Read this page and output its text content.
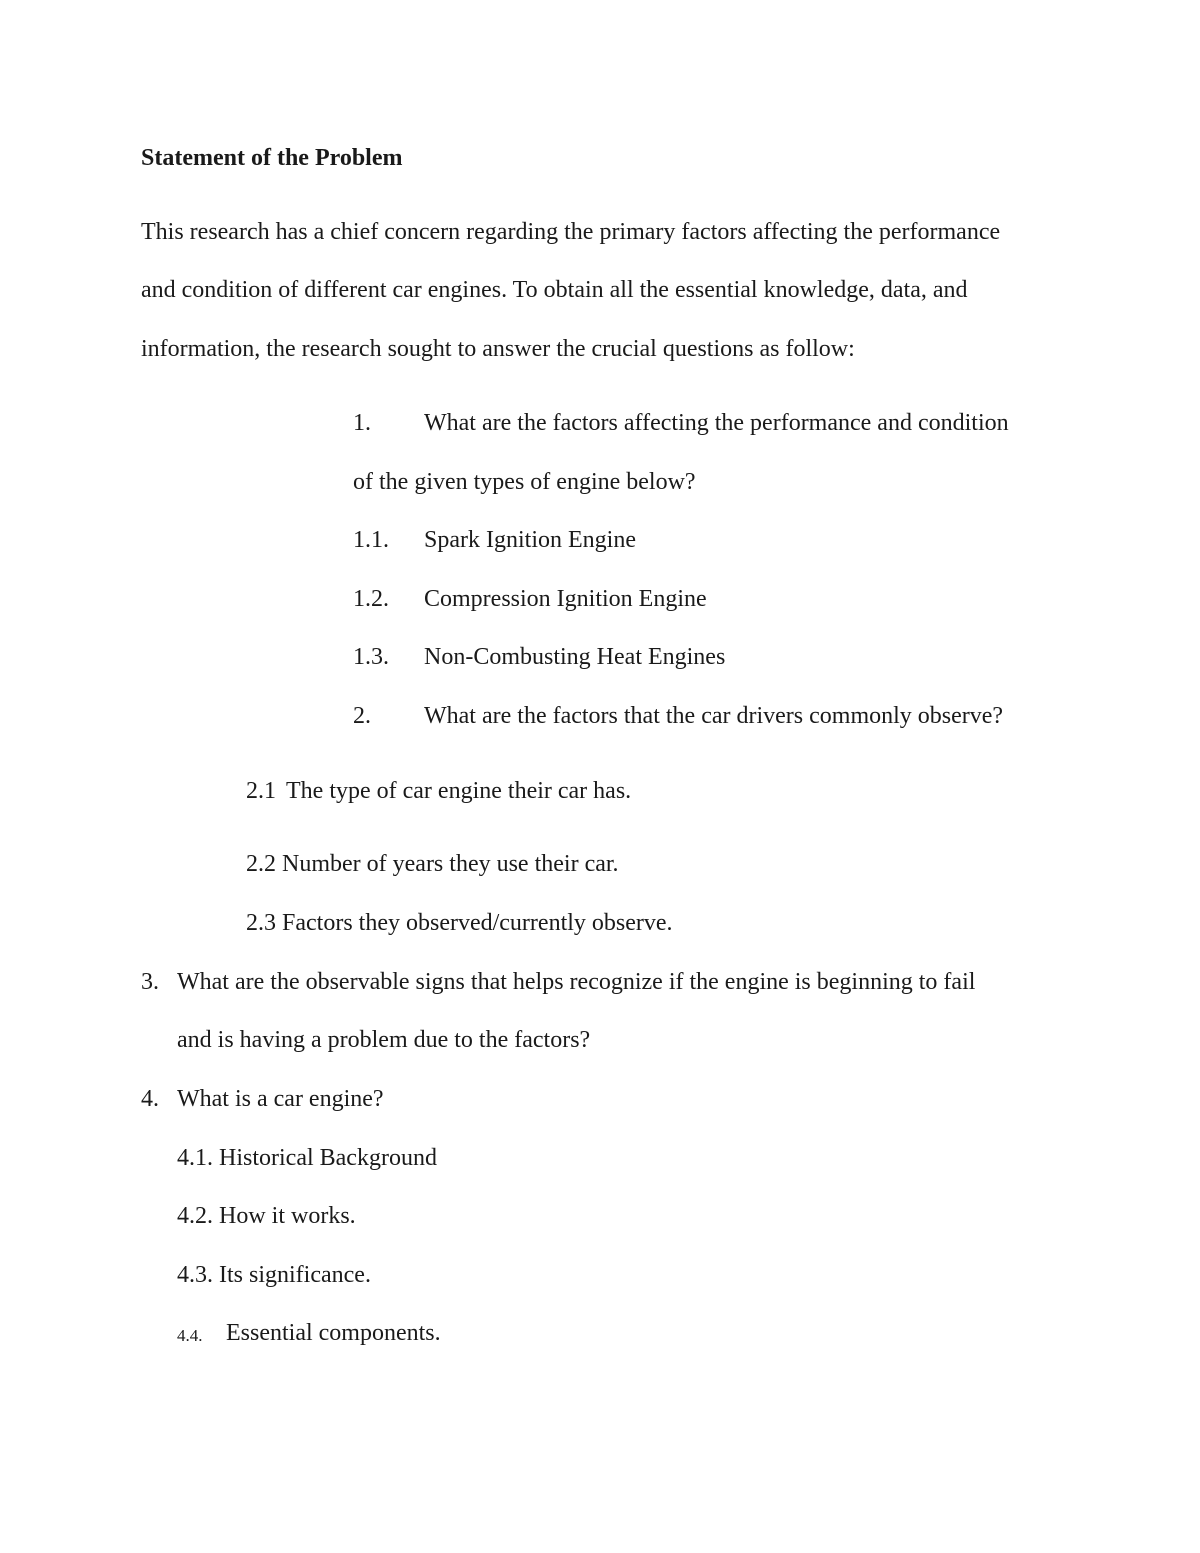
Statement of the Problem
This research has a chief concern regarding the primary factors affecting the performance
and condition of different car engines. To obtain all the essential knowledge, data, and
information, the research sought to answer the crucial questions as follow:
1. What are the factors affecting the performance and condition
of the given types of engine below?
1.1. Spark Ignition Engine
1.2. Compression Ignition Engine
1.3. Non-Combusting Heat Engines
2. What are the factors that the car drivers commonly observe?
2.1 The type of car engine their car has.
2.2 Number of years they use their car.
2.3 Factors they observed/currently observe.
3. What are the observable signs that helps recognize if the engine is beginning to fail
and is having a problem due to the factors?
4. What is a car engine?
4.1. Historical Background
4.2. How it works.
4.3. Its significance.
4.4. Essential components.
